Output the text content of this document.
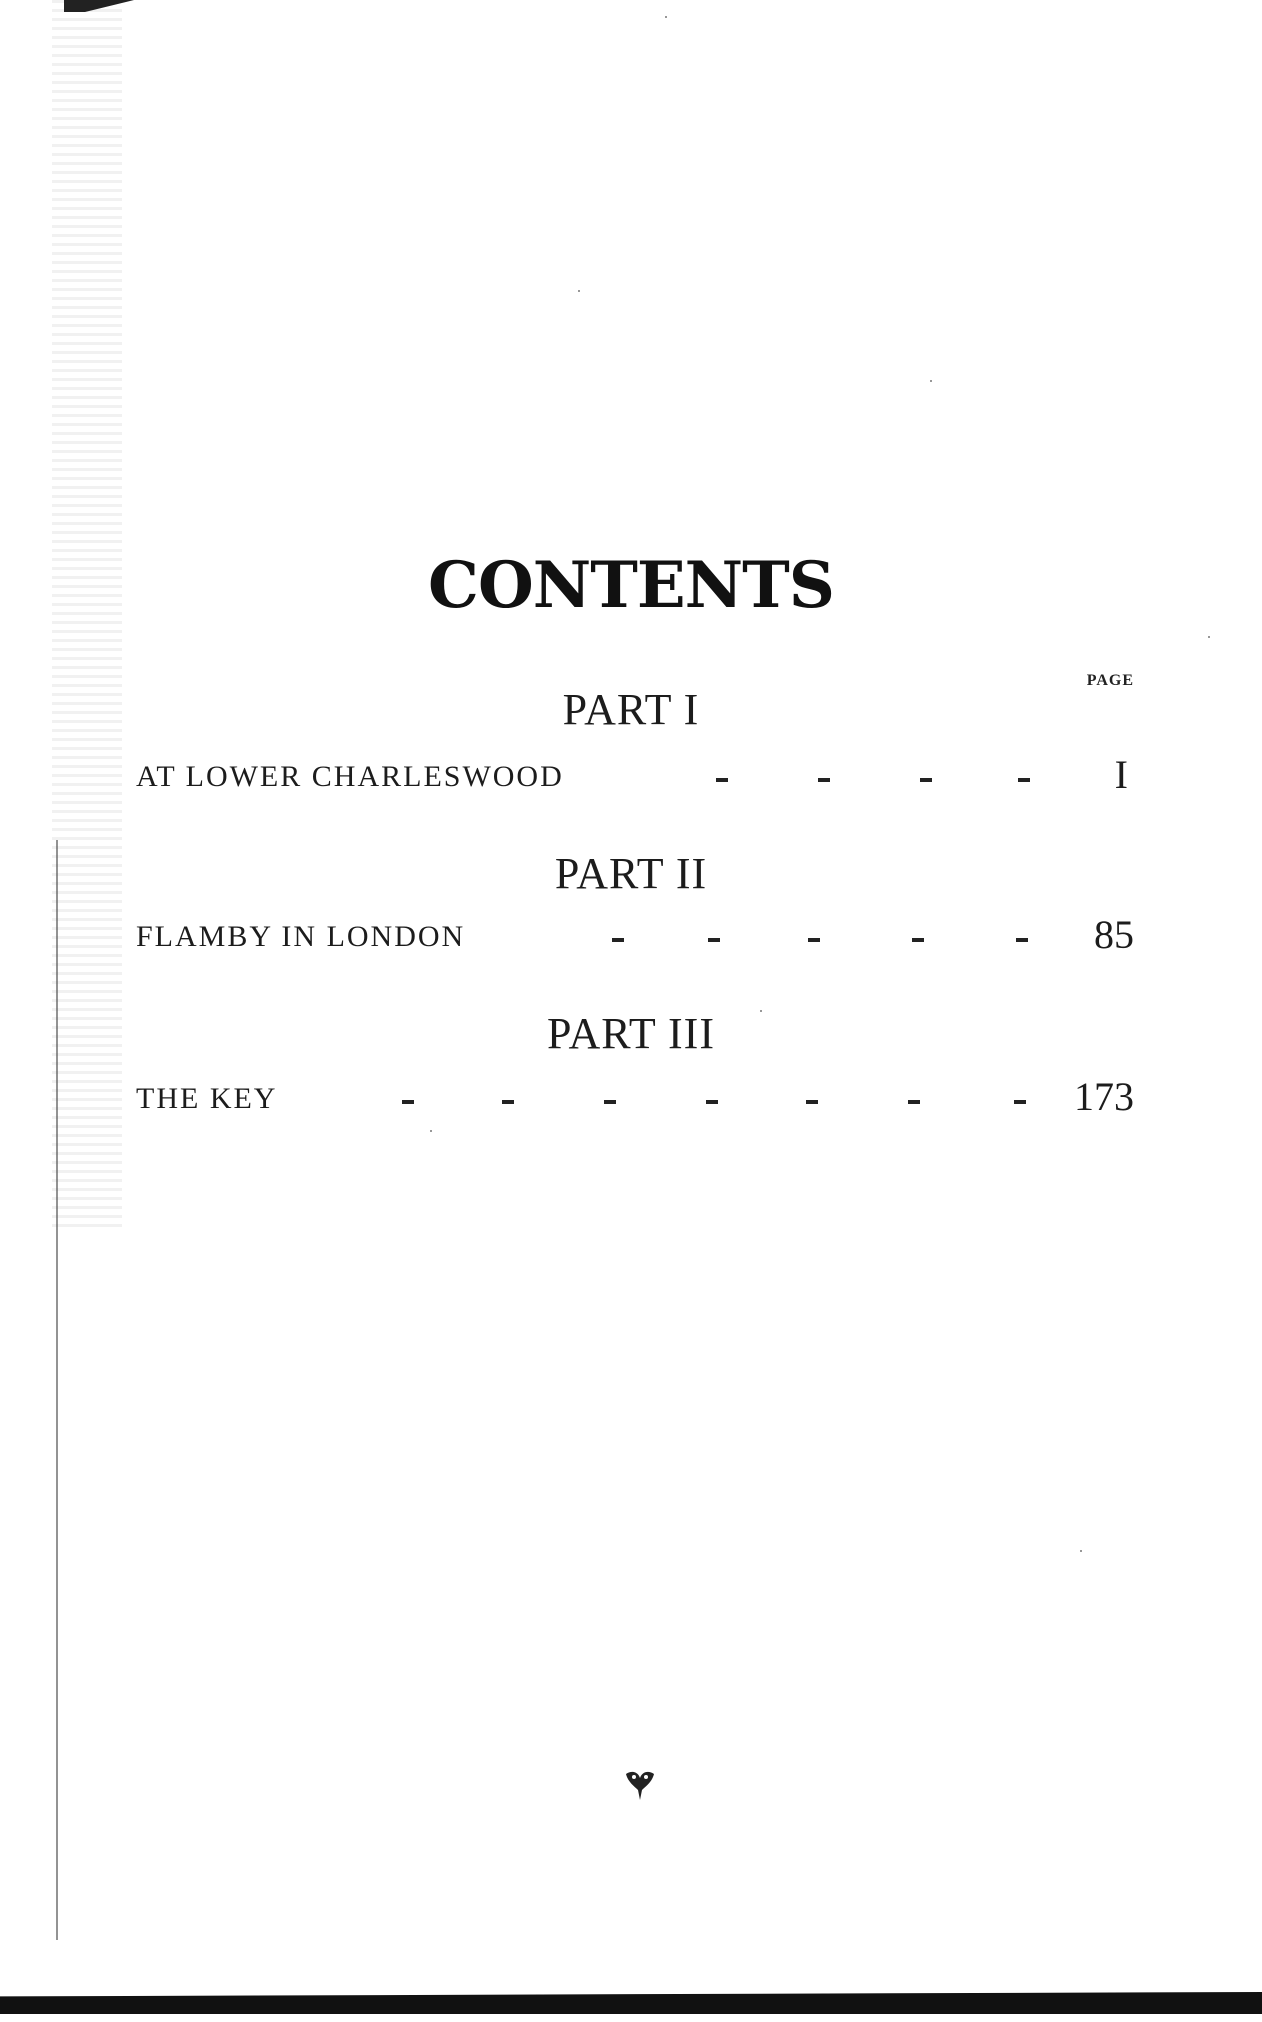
CONTENTS
PAGE
PART I
AT LOWER CHARLESWOOD	I
PART II
FLAMBY IN LONDON	85
PART III
THE KEY	173
